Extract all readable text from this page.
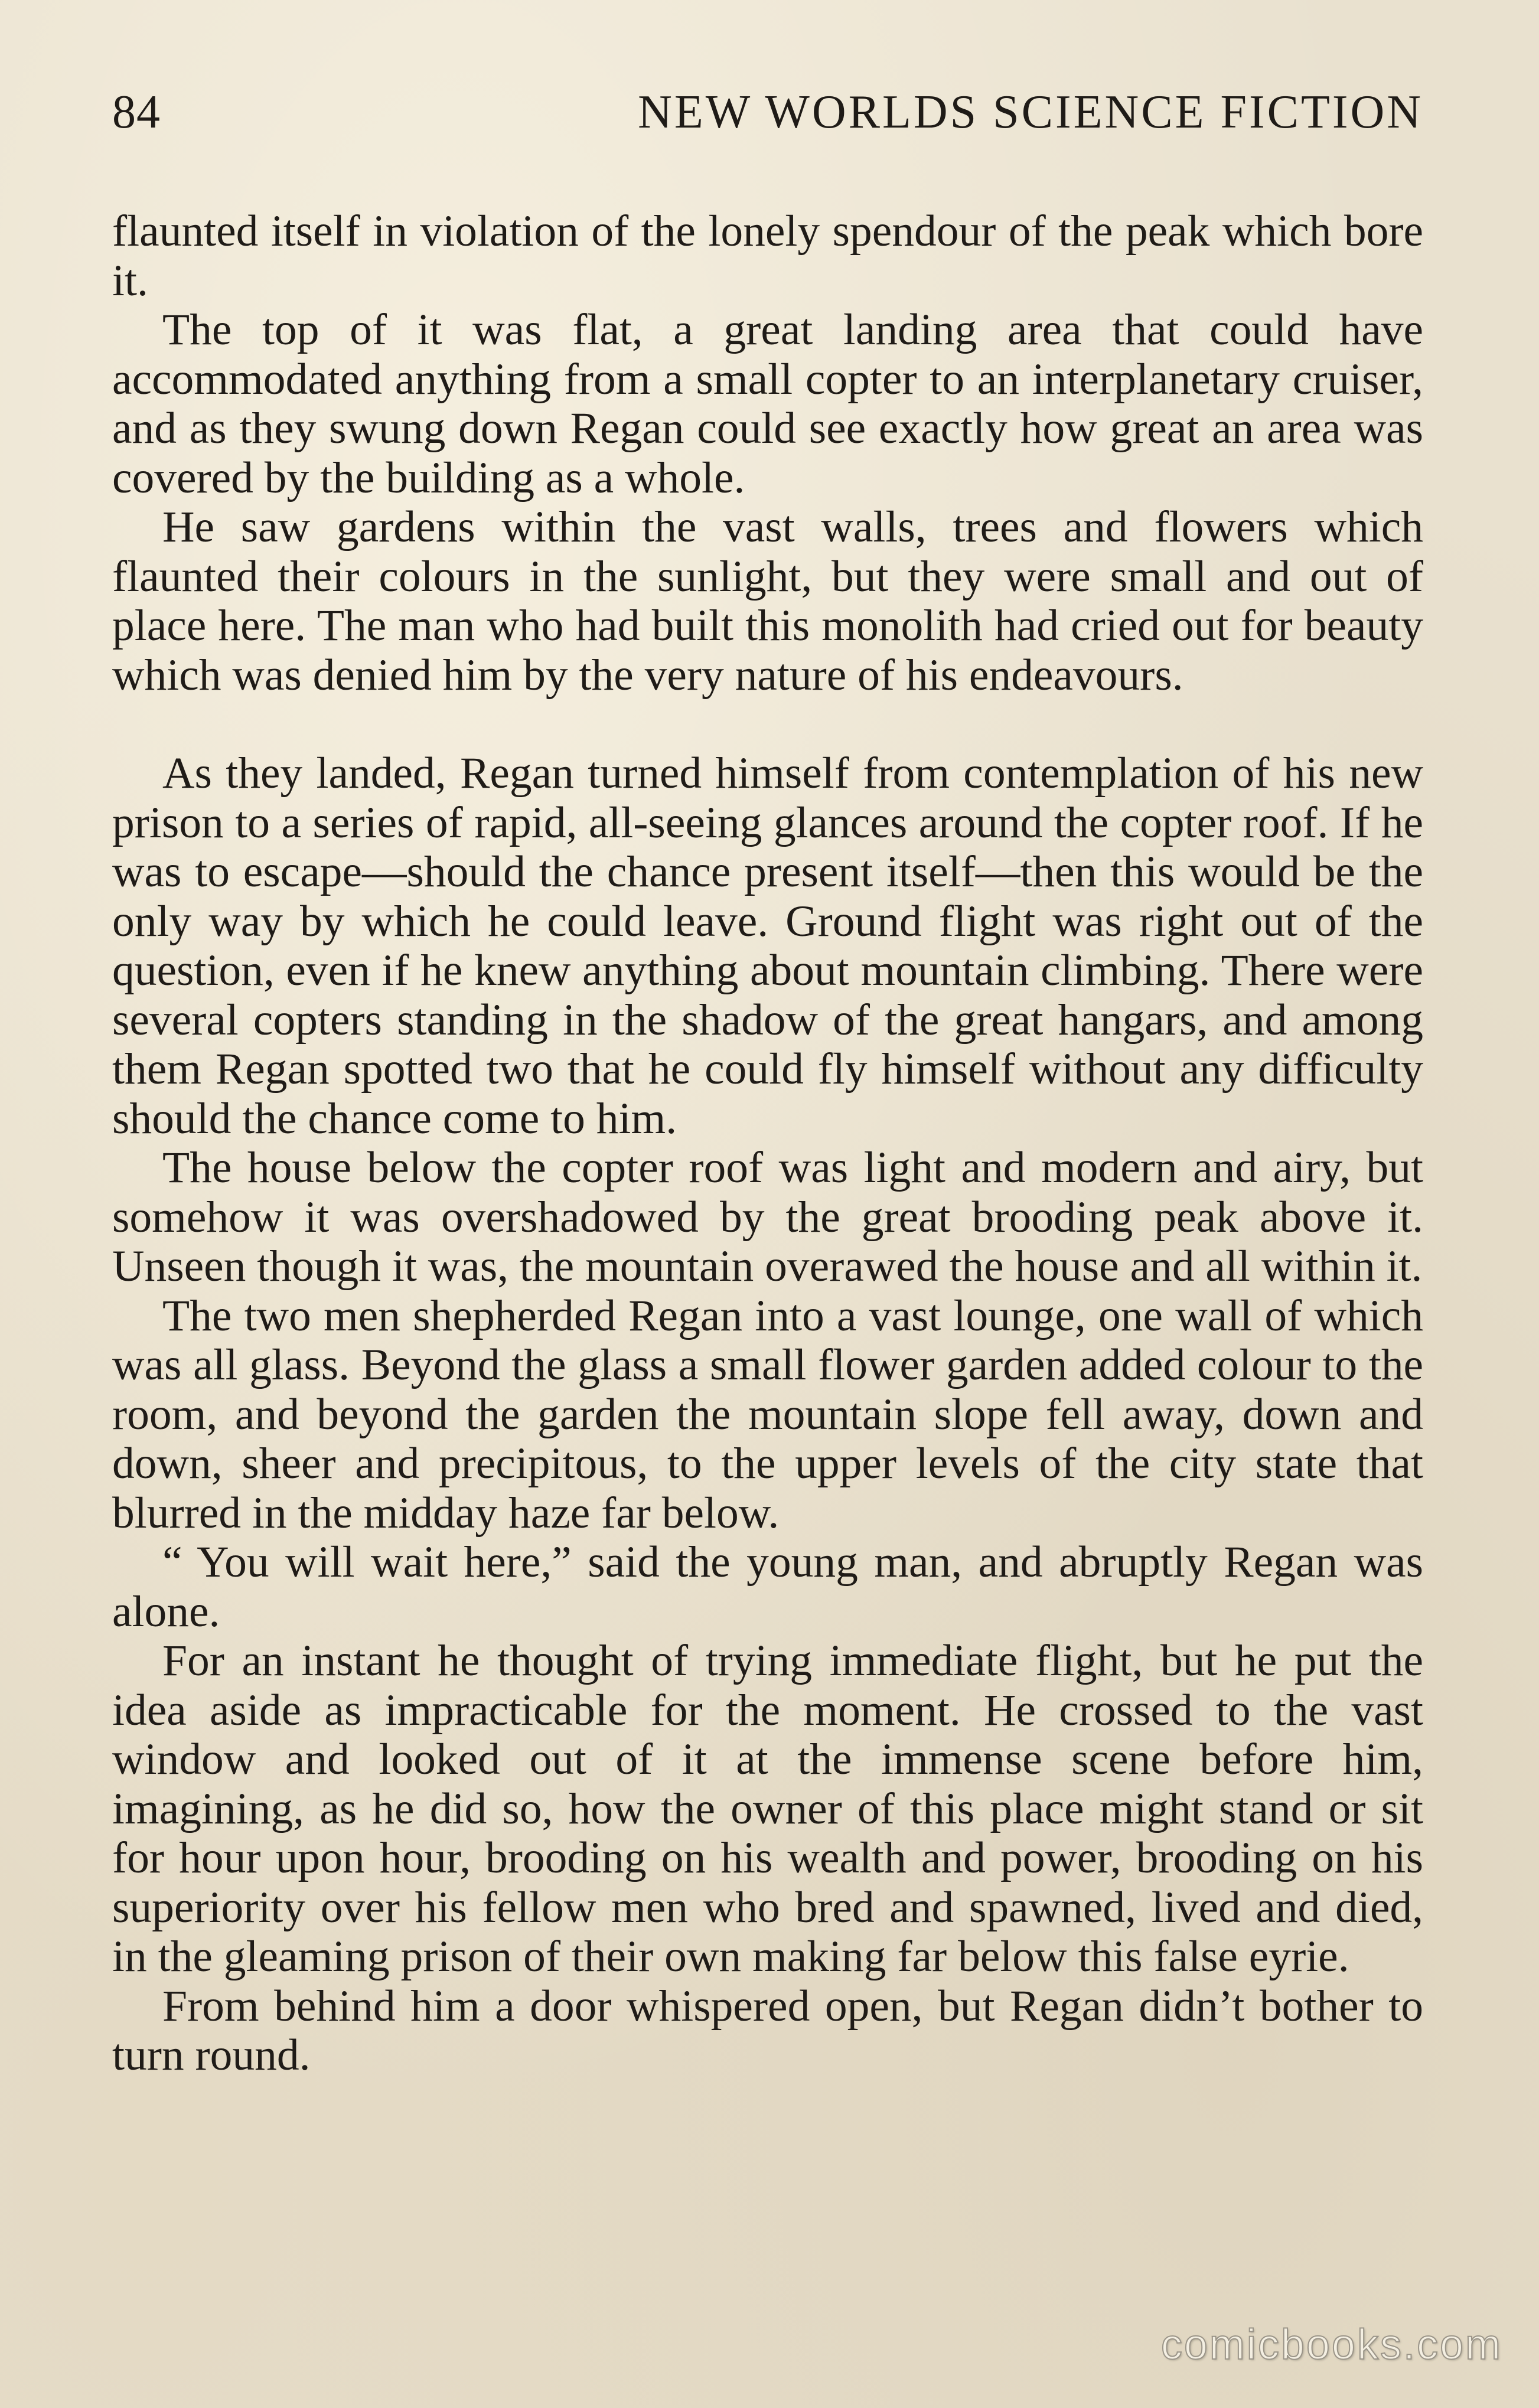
84	NEW WORLDS SCIENCE FICTION

flaunted itself in violation of the lonely spendour of the peak which bore it.

The top of it was flat, a great landing area that could have accommodated anything from a small copter to an interplanetary cruiser, and as they swung down Regan could see exactly how great an area was covered by the building as a whole.

He saw gardens within the vast walls, trees and flowers which flaunted their colours in the sunlight, but they were small and out of place here. The man who had built this monolith had cried out for beauty which was denied him by the very nature of his endeavours.

As they landed, Regan turned himself from contemplation of his new prison to a series of rapid, all-seeing glances around the copter roof. If he was to escape—should the chance present itself—then this would be the only way by which he could leave. Ground flight was right out of the question, even if he knew anything about mountain climbing. There were several copters standing in the shadow of the great hangars, and among them Regan spotted two that he could fly himself without any difficulty should the chance come to him.

The house below the copter roof was light and modern and airy, but somehow it was overshadowed by the great brooding peak above it. Unseen though it was, the mountain overawed the house and all within it.

The two men shepherded Regan into a vast lounge, one wall of which was all glass. Beyond the glass a small flower garden added colour to the room, and beyond the garden the mountain slope fell away, down and down, sheer and precipitous, to the upper levels of the city state that blurred in the midday haze far below.

“ You will wait here,” said the young man, and abruptly Regan was alone.

For an instant he thought of trying immediate flight, but he put the idea aside as impracticable for the moment. He crossed to the vast window and looked out of it at the immense scene before him, imagining, as he did so, how the owner of this place might stand or sit for hour upon hour, brooding on his wealth and power, brooding on his superiority over his fellow men who bred and spawned, lived and died, in the gleaming prison of their own making far below this false eyrie.

From behind him a door whispered open, but Regan didn’t bother to turn round.

comicbooks.com
